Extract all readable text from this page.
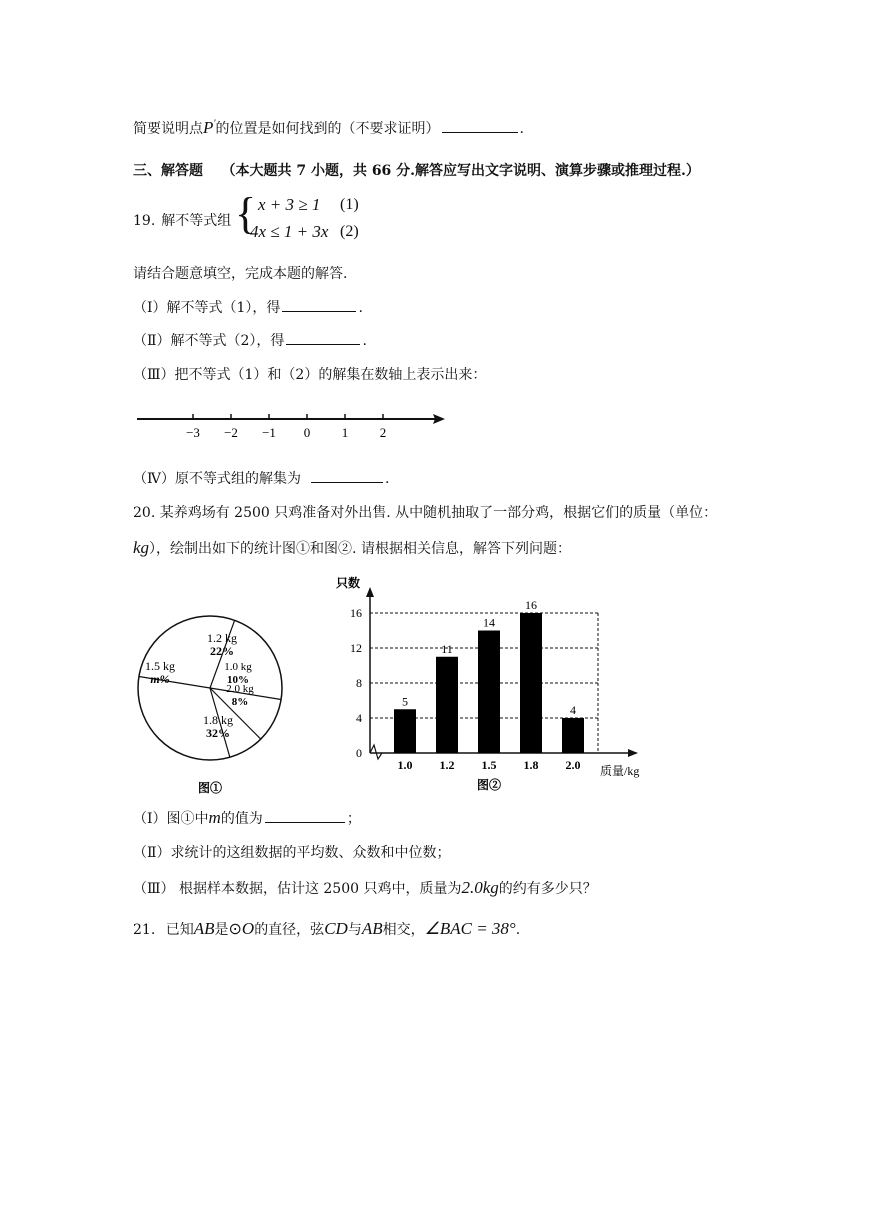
简要说明点P'的位置是如何找到的（不要求证明）	.
三、解答题 （本大题共 7 小题，共 66 分.解答应写出文字说明、演算步骤或推理过程.）
19. 解不等式组 { x + 3 ≥ 1 (1)
4x ≤ 1 + 3x (2)
请结合题意填空，完成本题的解答.
（Ⅰ）解不等式（1），得	.
（Ⅱ）解不等式（2），得	.
（Ⅲ）把不等式（1）和（2）的解集在数轴上表示出来：
−3 −2 −1 0 1 2
（Ⅳ）原不等式组的解集为	.
20. 某养鸡场有 2500 只鸡准备对外出售. 从中随机抽取了一部分鸡，根据它们的质量（单位：
kg），绘制出如下的统计图①和图②. 请根据相关信息，解答下列问题：
1.2 kg
22%
1.0 kg
10%
2.0 kg
8%
1.8 kg
32%
1.5 kg
m%
图①
只数
质量/kg
0
4
8
12
16
5
1.0
11
1.2
14
1.5
16
1.8
4
2.0
图②
（Ⅰ）图①中m的值为	；
（Ⅱ）求统计的这组数据的平均数、众数和中位数；
（Ⅲ） 根据样本数据，估计这 2500 只鸡中，质量为2.0kg的约有多少只？
21. 已知AB是⊙O的直径，弦CD与AB相交，∠BAC = 38°.
